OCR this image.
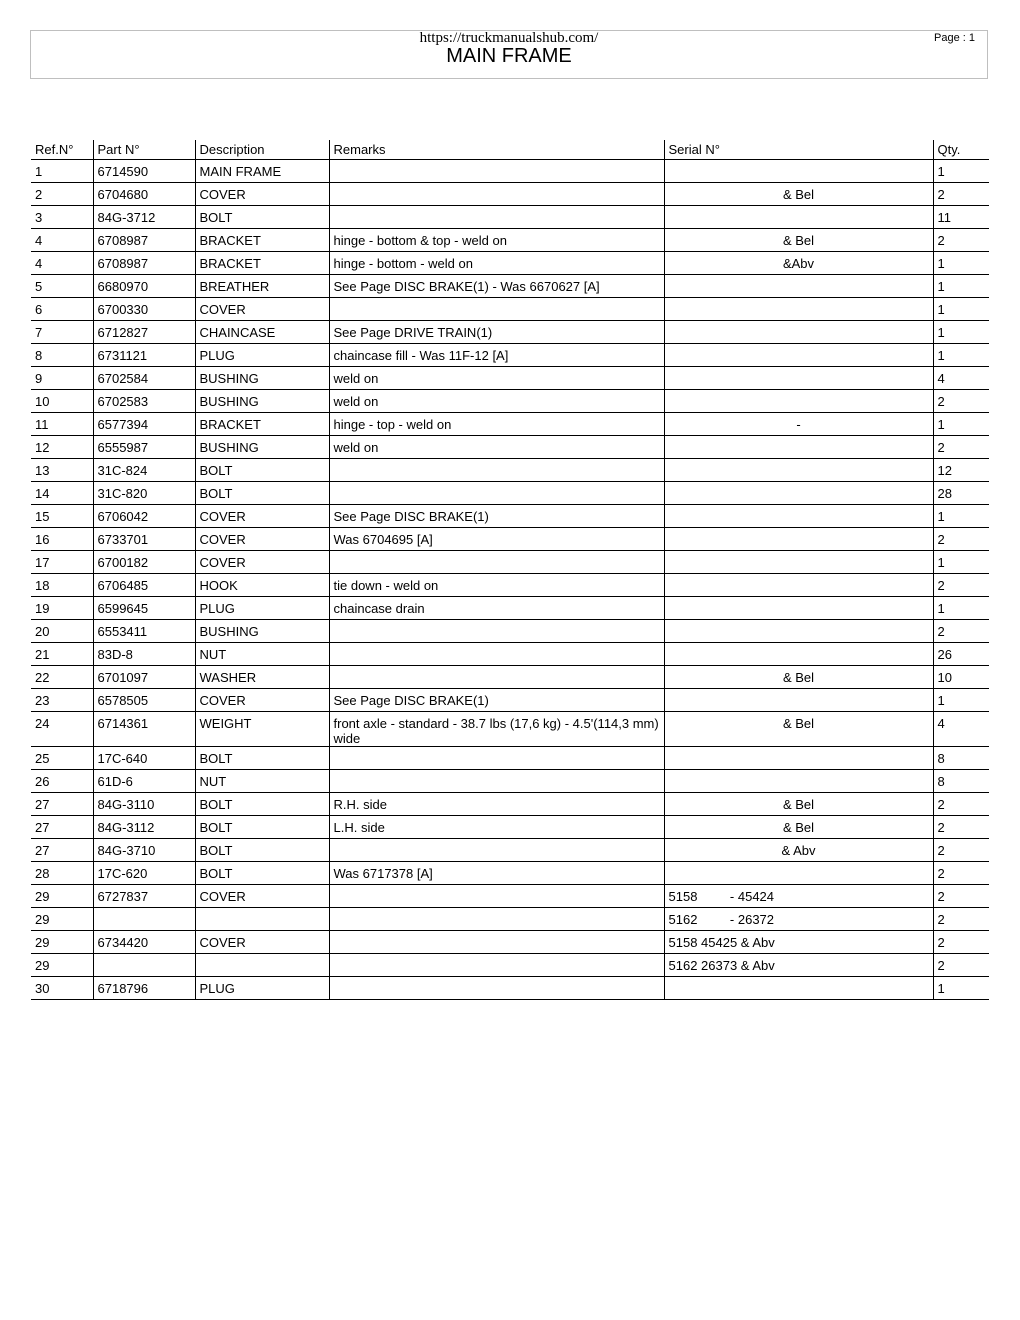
https://truckmanualshub.com/
MAIN FRAME
Page : 1
Ref.N°	Part N°	Description	Remarks	Serial N°	Qty.
1	6714590	MAIN FRAME			1
2	6704680	COVER		& Bel	2
3	84G-3712	BOLT			11
4	6708987	BRACKET	hinge - bottom & top - weld on	& Bel	2
4	6708987	BRACKET	hinge - bottom - weld on	&Abv	1
5	6680970	BREATHER	See Page DISC BRAKE(1) - Was 6670627 [A]		1
6	6700330	COVER			1
7	6712827	CHAINCASE	See Page DRIVE TRAIN(1)		1
8	6731121	PLUG	chaincase fill - Was 11F-12 [A]		1
9	6702584	BUSHING	weld on		4
10	6702583	BUSHING	weld on		2
11	6577394	BRACKET	hinge - top - weld on	-	1
12	6555987	BUSHING	weld on		2
13	31C-824	BOLT			12
14	31C-820	BOLT			28
15	6706042	COVER	See Page DISC BRAKE(1)		1
16	6733701	COVER	Was 6704695 [A]		2
17	6700182	COVER			1
18	6706485	HOOK	tie down - weld on		2
19	6599645	PLUG	chaincase drain		1
20	6553411	BUSHING			2
21	83D-8	NUT			26
22	6701097	WASHER		& Bel	10
23	6578505	COVER	See Page DISC BRAKE(1)		1
24	6714361	WEIGHT	front axle - standard - 38.7 lbs (17,6 kg) - 4.5'(114,3 mm) wide	& Bel	4
25	17C-640	BOLT			8
26	61D-6	NUT			8
27	84G-3110	BOLT	R.H. side	& Bel	2
27	84G-3112	BOLT	L.H. side	& Bel	2
27	84G-3710	BOLT		& Abv	2
28	17C-620	BOLT	Was 6717378 [A]		2
29	6727837	COVER		5158         - 45424	2
29				5162         - 26372	2
29	6734420	COVER		5158 45425 & Abv	2
29				5162 26373 & Abv	2
30	6718796	PLUG			1
